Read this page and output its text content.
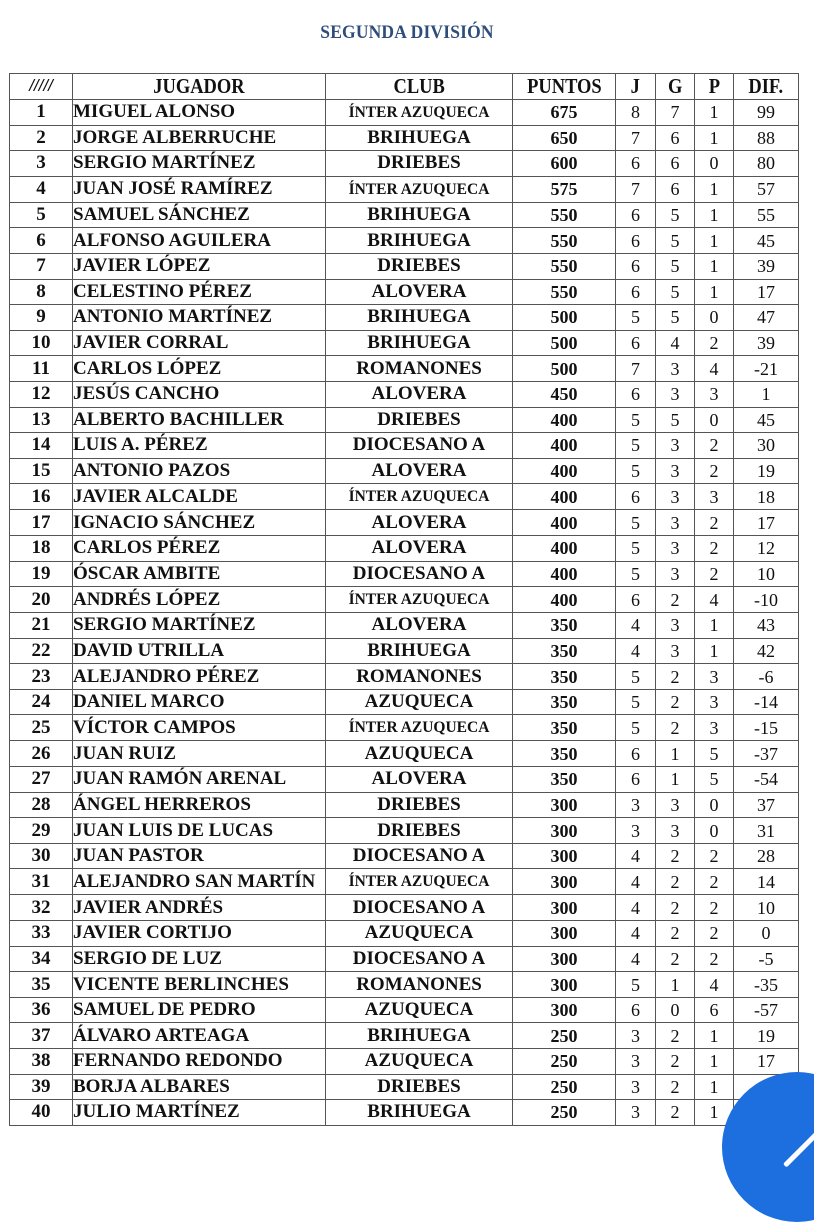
SEGUNDA DIVISIÓN
/////	JUGADOR	CLUB	PUNTOS	J	G	P	DIF.
1	MIGUEL ALONSO	ÍNTER AZUQUECA	675	8	7	1	99
2	JORGE ALBERRUCHE	BRIHUEGA	650	7	6	1	88
3	SERGIO MARTÍNEZ	DRIEBES	600	6	6	0	80
4	JUAN JOSÉ RAMÍREZ	ÍNTER AZUQUECA	575	7	6	1	57
5	SAMUEL SÁNCHEZ	BRIHUEGA	550	6	5	1	55
6	ALFONSO AGUILERA	BRIHUEGA	550	6	5	1	45
7	JAVIER LÓPEZ	DRIEBES	550	6	5	1	39
8	CELESTINO PÉREZ	ALOVERA	550	6	5	1	17
9	ANTONIO MARTÍNEZ	BRIHUEGA	500	5	5	0	47
10	JAVIER CORRAL	BRIHUEGA	500	6	4	2	39
11	CARLOS LÓPEZ	ROMANONES	500	7	3	4	-21
12	JESÚS CANCHO	ALOVERA	450	6	3	3	1
13	ALBERTO BACHILLER	DRIEBES	400	5	5	0	45
14	LUIS A. PÉREZ	DIOCESANO A	400	5	3	2	30
15	ANTONIO PAZOS	ALOVERA	400	5	3	2	19
16	JAVIER ALCALDE	ÍNTER AZUQUECA	400	6	3	3	18
17	IGNACIO SÁNCHEZ	ALOVERA	400	5	3	2	17
18	CARLOS PÉREZ	ALOVERA	400	5	3	2	12
19	ÓSCAR AMBITE	DIOCESANO A	400	5	3	2	10
20	ANDRÉS LÓPEZ	ÍNTER AZUQUECA	400	6	2	4	-10
21	SERGIO MARTÍNEZ	ALOVERA	350	4	3	1	43
22	DAVID UTRILLA	BRIHUEGA	350	4	3	1	42
23	ALEJANDRO PÉREZ	ROMANONES	350	5	2	3	-6
24	DANIEL MARCO	AZUQUECA	350	5	2	3	-14
25	VÍCTOR CAMPOS	ÍNTER AZUQUECA	350	5	2	3	-15
26	JUAN RUIZ	AZUQUECA	350	6	1	5	-37
27	JUAN RAMÓN ARENAL	ALOVERA	350	6	1	5	-54
28	ÁNGEL HERREROS	DRIEBES	300	3	3	0	37
29	JUAN LUIS DE LUCAS	DRIEBES	300	3	3	0	31
30	JUAN PASTOR	DIOCESANO A	300	4	2	2	28
31	ALEJANDRO SAN MARTÍN	ÍNTER AZUQUECA	300	4	2	2	14
32	JAVIER ANDRÉS	DIOCESANO A	300	4	2	2	10
33	JAVIER CORTIJO	AZUQUECA	300	4	2	2	0
34	SERGIO DE LUZ	DIOCESANO A	300	4	2	2	-5
35	VICENTE BERLINCHES	ROMANONES	300	5	1	4	-35
36	SAMUEL DE PEDRO	AZUQUECA	300	6	0	6	-57
37	ÁLVARO ARTEAGA	BRIHUEGA	250	3	2	1	19
38	FERNANDO REDONDO	AZUQUECA	250	3	2	1	17
39	BORJA ALBARES	DRIEBES	250	3	2	1	
40	JULIO MARTÍNEZ	BRIHUEGA	250	3	2	1	
